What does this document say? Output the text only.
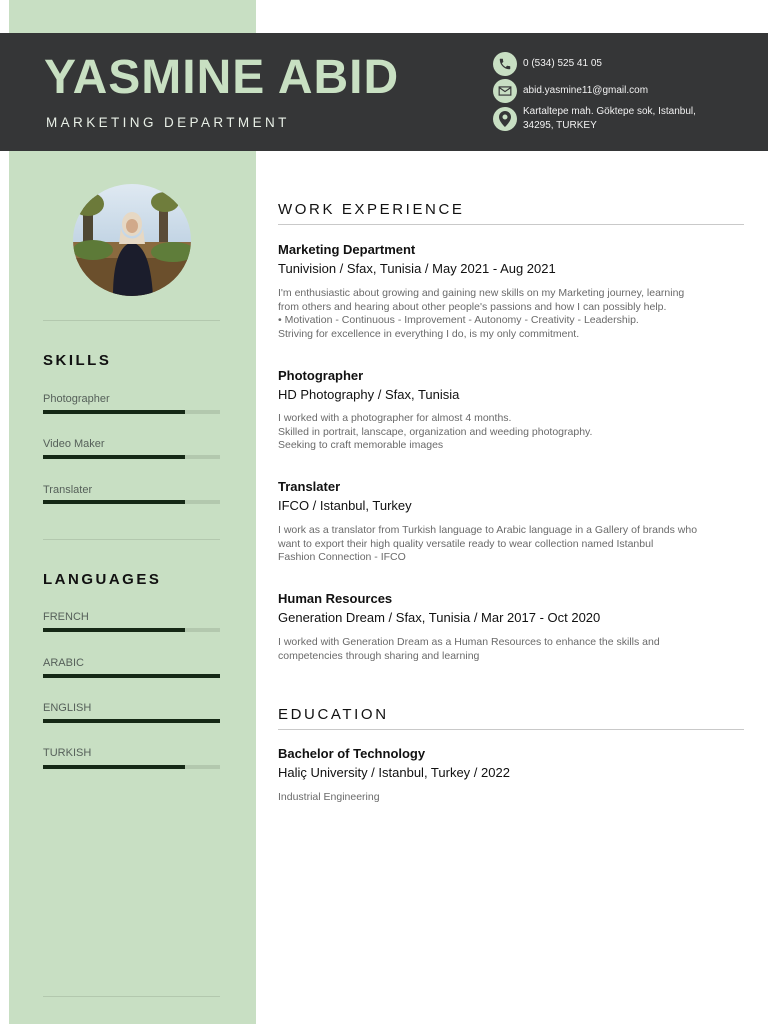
YASMINE ABID
MARKETING DEPARTMENT
0 (534) 525 41 05
abid.yasmine11@gmail.com
Kartaltepe mah. Göktepe sok, Istanbul,
34295, TURKEY
SKILLS
Photographer
Video Maker
Translater
LANGUAGES
FRENCH
ARABIC
ENGLISH
TURKISH
WORK EXPERIENCE
Marketing Department
Tunivision / Sfax, Tunisia / May 2021 - Aug 2021
I'm enthusiastic about growing and gaining new skills on my Marketing journey, learning
from others and hearing about other people's passions and how I can possibly help.
• Motivation - Continuous - Improvement - Autonomy - Creativity - Leadership.
Striving for excellence in everything I do, is my only commitment.
Photographer
HD Photography / Sfax, Tunisia
I worked with a photographer for almost 4 months.
Skilled in portrait, lanscape, organization and weeding photography.
Seeking to craft memorable images
Translater
IFCO / Istanbul, Turkey
I work as a translator from Turkish language to Arabic language in a Gallery of brands who
want to export their high quality versatile ready to wear collection named Istanbul
Fashion Connection - IFCO
Human Resources
Generation Dream / Sfax, Tunisia / Mar 2017 - Oct 2020
I worked with Generation Dream as a Human Resources to enhance the skills and
competencies through sharing and learning
EDUCATION
Bachelor of Technology
Haliç University / Istanbul, Turkey / 2022
Industrial Engineering
